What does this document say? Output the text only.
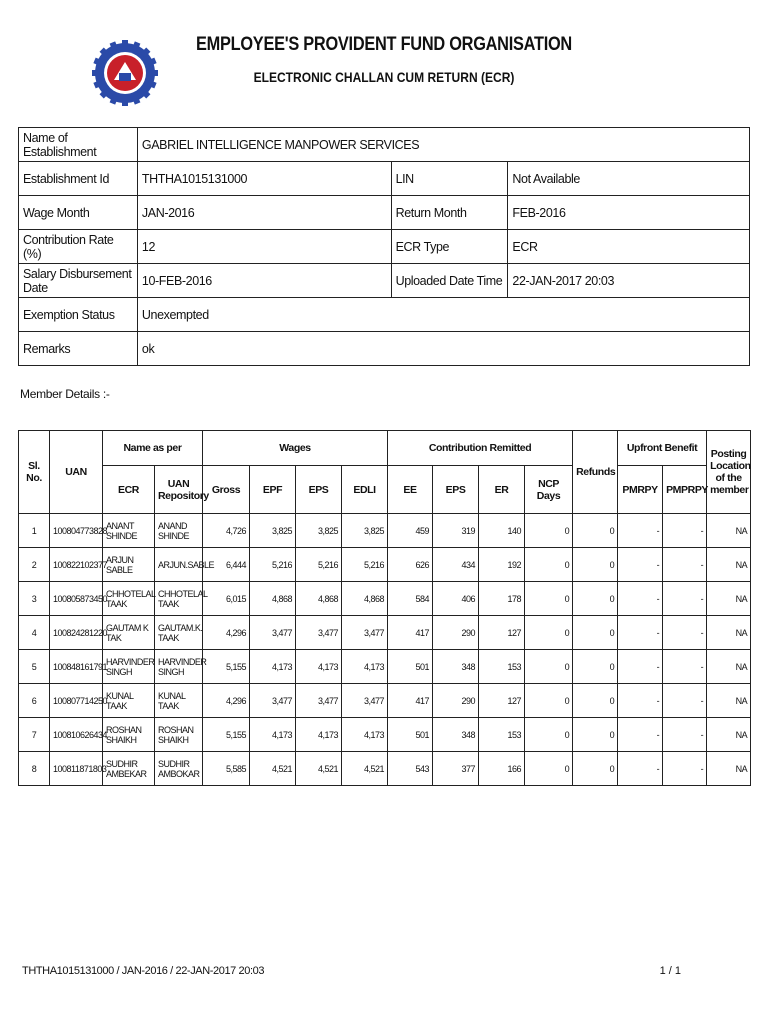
EMPLOYEE'S PROVIDENT FUND ORGANISATION
ELECTRONIC CHALLAN CUM RETURN (ECR)
Name of Establishment	GABRIEL INTELLIGENCE MANPOWER SERVICES		
Establishment Id	THTHA1015131000	LIN	Not Available
Wage Month	JAN-2016	Return Month	FEB-2016
Contribution Rate (%)	12	ECR Type	ECR
Salary Disbursement Date	10-FEB-2016	Uploaded Date Time	22-JAN-2017 20:03
Exemption Status	Unexempted		
Remarks	ok		
Member Details :-
Sl. No.	UAN	Name as per		Wages				Contribution Remitted				Refunds	Upfront Benefit		Posting Location of the member
		ECR	UAN Repository	Gross	EPF	EPS	EDLI	EE	EPS	ER	NCP Days		PMRPY	PMPRPY	
1	100804773828	ANANT SHINDE	ANAND SHINDE	4,726	3,825	3,825	3,825	459	319	140	0	0	-	-	NA
2	100822102377	ARJUN SABLE	ARJUN.SABLE	6,444	5,216	5,216	5,216	626	434	192	0	0	-	-	NA
3	100805873450	CHHOTELAL TAAK	CHHOTELAL TAAK	6,015	4,868	4,868	4,868	584	406	178	0	0	-	-	NA
4	100824281220	GAUTAM K TAK	GAUTAM.K. TAAK	4,296	3,477	3,477	3,477	417	290	127	0	0	-	-	NA
5	100848161791	HARVINDER SINGH	HARVINDER SINGH	5,155	4,173	4,173	4,173	501	348	153	0	0	-	-	NA
6	100807714250	KUNAL TAAK	KUNAL TAAK	4,296	3,477	3,477	3,477	417	290	127	0	0	-	-	NA
7	100810626434	ROSHAN SHAIKH	ROSHAN SHAIKH	5,155	4,173	4,173	4,173	501	348	153	0	0	-	-	NA
8	100811871803	SUDHIR AMBEKAR	SUDHIR AMBOKAR	5,585	4,521	4,521	4,521	543	377	166	0	0	-	-	NA
THTHA1015131000 / JAN-2016 / 22-JAN-2017 20:03	1 / 1
